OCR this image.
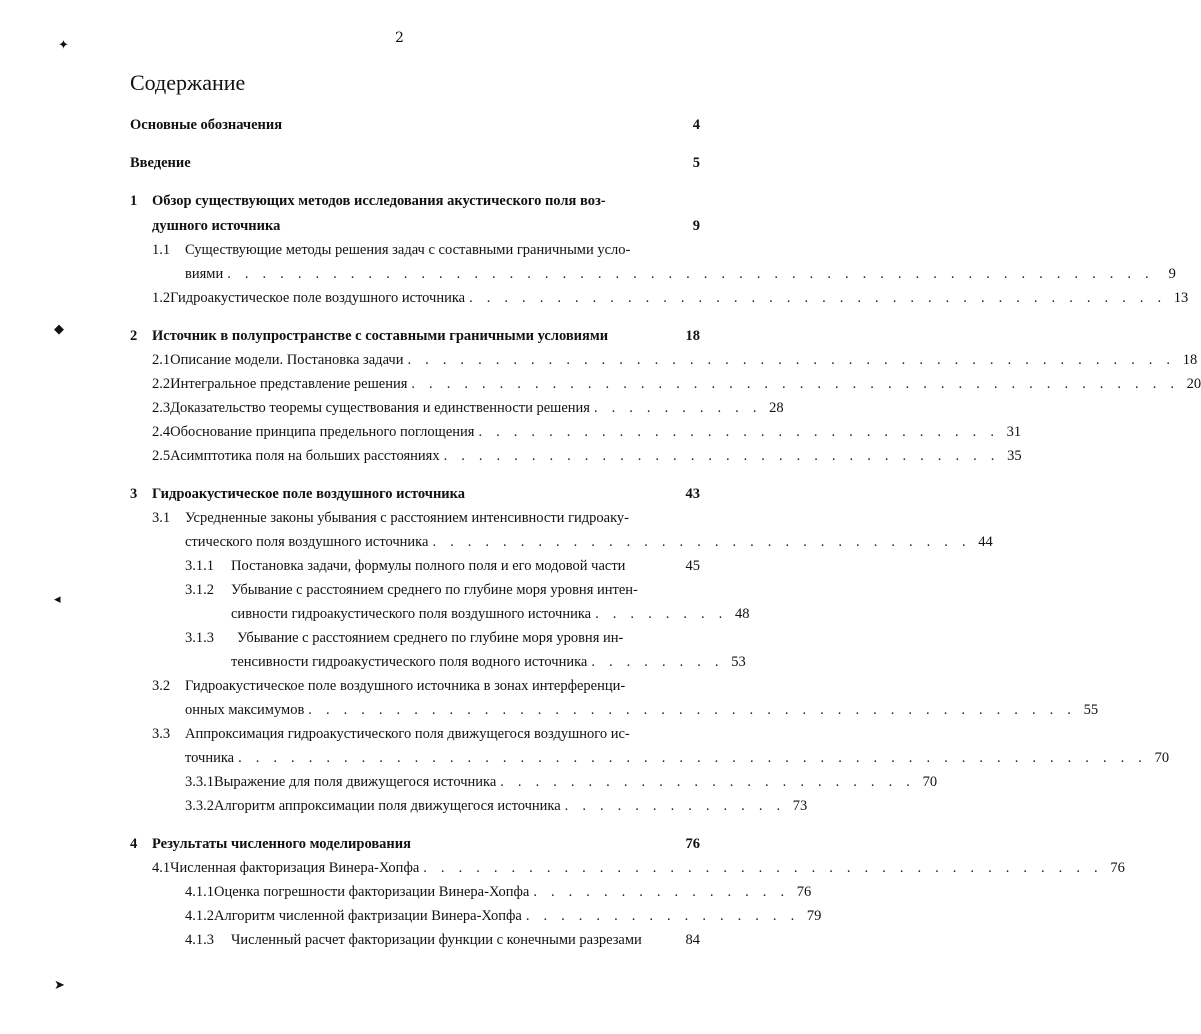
2
Содержание
✦
◆
◂
➤
Основные обозначения	4
Введение	5
1	Обзор существующих методов исследования акустического поля воз-
душного источника	9
1.1	Существующие методы решения задач с составными граничными усло-
виями . . . . . . . . . . . . . . . . . . . . . . . . . . . . . . . . . . . . . . . . . . . . . . . . . . . . .	9
1.2 Гидроакустическое поле воздушного источника . . . . . . . . . . . . . . . . . . . . . . . . . . . . . . . . . . . . . . . . 13
2	Источник в полупространстве с составными граничными условиями	18
2.1 Описание модели. Постановка задачи . . . . . . . . . . . . . . . . . . . . . . . . . . . . . . . . . . . . . . . . . . . . 18
2.2 Интегральное представление решения . . . . . . . . . . . . . . . . . . . . . . . . . . . . . . . . . . . . . . . . . . . . 20
2.3 Доказательство теоремы существования и единственности решения . . . . . . . . . . 28
2.4 Обоснование принципа предельного поглощения . . . . . . . . . . . . . . . . . . . . . . . . . . . . . . 31
2.5 Асимптотика поля на больших расстояниях . . . . . . . . . . . . . . . . . . . . . . . . . . . . . . . . 35
3	Гидроакустическое поле воздушного источника	43
3.1	Усредненные законы убывания с расстоянием интенсивности гидроаку-
стического поля воздушного источника . . . . . . . . . . . . . . . . . . . . . . . . . . . . . . . 44
3.1.1	Постановка задачи, формулы полного поля и его модовой части	45
3.1.2	Убывание с расстоянием среднего по глубине моря уровня интен-
сивности гидроакустического поля воздушного источника . . . . . . . . 48
3.1.3	Убывание с расстоянием среднего по глубине моря уровня ин-
тенсивности гидроакустического поля водного источника . . . . . . . . 53
3.2	Гидроакустическое поле воздушного источника в зонах интерференци-
онных максимумов . . . . . . . . . . . . . . . . . . . . . . . . . . . . . . . . . . . . . . . . . . . . 55
3.3	Аппроксимация гидроакустического поля движущегося воздушного ис-
точника . . . . . . . . . . . . . . . . . . . . . . . . . . . . . . . . . . . . . . . . . . . . . . . . . . . . 70
3.3.1 Выражение для поля движущегося источника . . . . . . . . . . . . . . . . . . . . . . . . 70
3.3.2 Алгоритм аппроксимации поля движущегося источника . . . . . . . . . . . . . 73
4	Результаты численного моделирования	76
4.1 Численная факторизация Винера-Хопфа . . . . . . . . . . . . . . . . . . . . . . . . . . . . . . . . . . . . . . . 76
4.1.1 Оценка погрешности факторизации Винера-Хопфа . . . . . . . . . . . . . . . 76
4.1.2 Алгоритм численной фактризации Винера-Хопфа . . . . . . . . . . . . . . . . 79
4.1.3	Численный расчет факторизации функции с конечными разрезами	84
